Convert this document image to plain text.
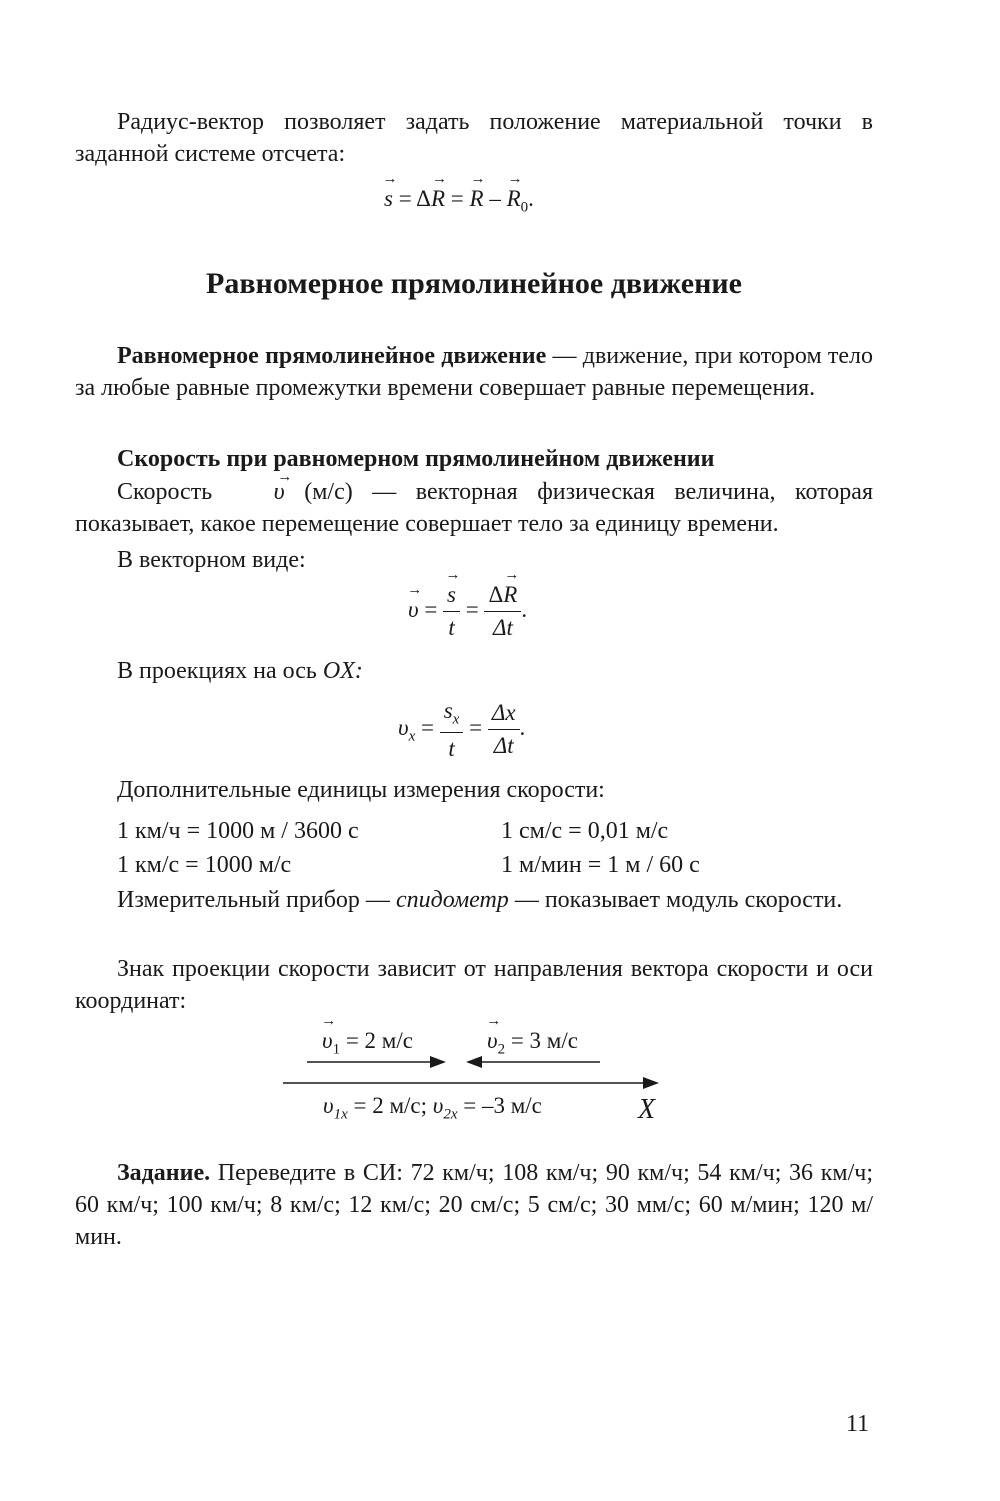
Радиус-вектор позволяет задать положение материальной точки в заданной системе отсчета:
→ s = Δ→ R = → R – → $R_0$.
Равномерное прямолинейное движение
Равномерное прямолинейное движение — движение, при котором тело за любые равные промежутки времени совершает равные перемещения.
Скорость при равномерном прямолинейном движении
Скорость → υ (м/с) — векторная физическая величина, которая показывает, какое перемещение совершает тело за единицу времени.
В векторном виде:
→ υ = → $\frac{s}{t} = \frac{\Delta\to R}{\Delta t}$ .
В проекциях на ось OX:
$\upsilon_x = \frac{s_x}{t} = \frac{\Delta x}{\Delta t}$ .
Дополнительные единицы измерения скорости:
1 км/ч = 1000 м / 3600 с	1 см/с = 0,01 м/с
1 км/с = 1000 м/с	1 м/мин = 1 м / 60 с
Измерительный прибор — спидометр — показывает модуль скорости.
Знак проекции скорости зависит от направления вектора скорости и оси координат:
→ $\upsilon_1 = 2$ м/с	→ $\upsilon_2 = 3$ м/с
$\upsilon_{1x} = 2$ м/с; $\upsilon_{2x} = -3$ м/с	X
Задание. Переведите в СИ: 72 км/ч; 108 км/ч; 90 км/ч; 54 км/ч; 36 км/ч; 60 км/ч; 100 км/ч; 8 км/с; 12 км/с; 20 см/с; 5 см/с; 30 мм/с; 60 м/мин; 120 м/мин.
11
